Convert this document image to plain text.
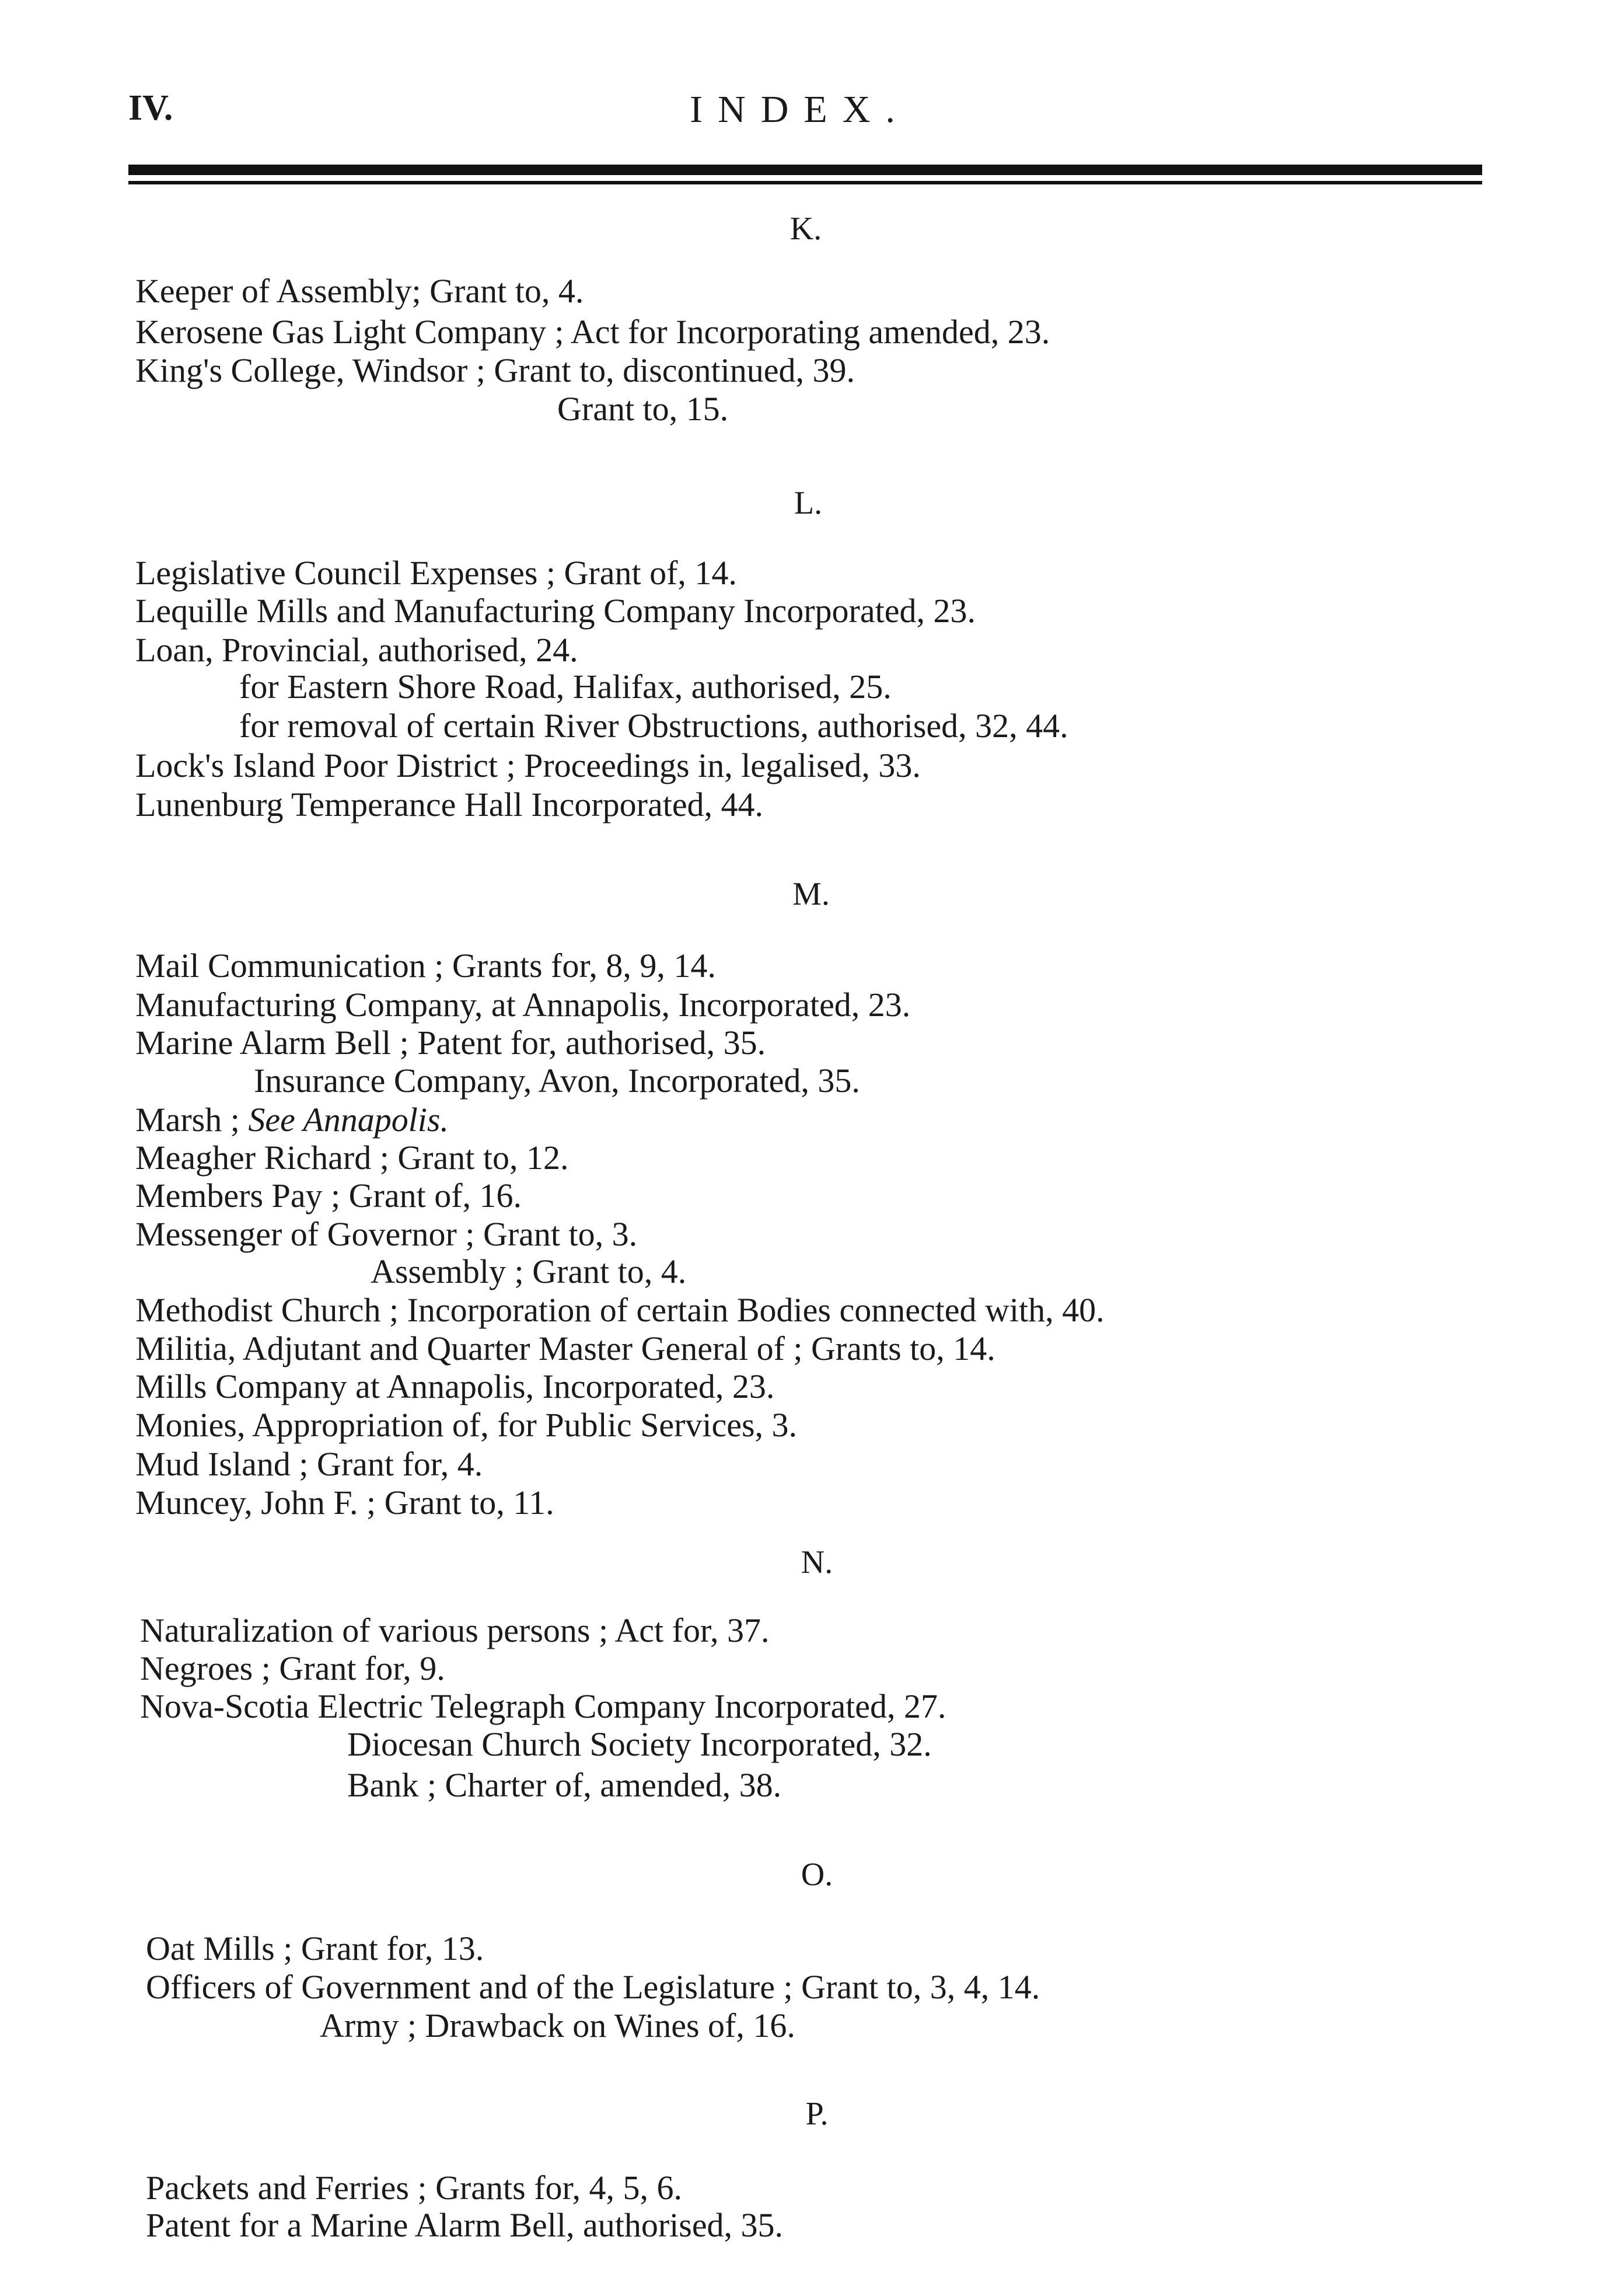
IV.	INDEX.
K.
Keeper of Assembly; Grant to, 4.
Kerosene Gas Light Company ; Act for Incorporating amended, 23.
King's College, Windsor ; Grant to, discontinued, 39.
Grant to, 15.
L.
Legislative Council Expenses ; Grant of, 14.
Lequille Mills and Manufacturing Company Incorporated, 23.
Loan, Provincial, authorised, 24.
for Eastern Shore Road, Halifax, authorised, 25.
for removal of certain River Obstructions, authorised, 32, 44.
Lock's Island Poor District ; Proceedings in, legalised, 33.
Lunenburg Temperance Hall Incorporated, 44.
M.
Mail Communication ; Grants for, 8, 9, 14.
Manufacturing Company, at Annapolis, Incorporated, 23.
Marine Alarm Bell ; Patent for, authorised, 35.
Insurance Company, Avon, Incorporated, 35.
Marsh ; See Annapolis.
Meagher Richard ; Grant to, 12.
Members Pay ; Grant of, 16.
Messenger of Governor ; Grant to, 3.
Assembly ; Grant to, 4.
Methodist Church ; Incorporation of certain Bodies connected with, 40.
Militia, Adjutant and Quarter Master General of ; Grants to, 14.
Mills Company at Annapolis, Incorporated, 23.
Monies, Appropriation of, for Public Services, 3.
Mud Island ; Grant for, 4.
Muncey, John F. ; Grant to, 11.
N.
Naturalization of various persons ; Act for, 37.
Negroes ; Grant for, 9.
Nova-Scotia Electric Telegraph Company Incorporated, 27.
Diocesan Church Society Incorporated, 32.
Bank ; Charter of, amended, 38.
O.
Oat Mills ; Grant for, 13.
Officers of Government and of the Legislature ; Grant to, 3, 4, 14.
Army ; Drawback on Wines of, 16.
P.
Packets and Ferries ; Grants for, 4, 5, 6.
Patent for a Marine Alarm Bell, authorised, 35.
